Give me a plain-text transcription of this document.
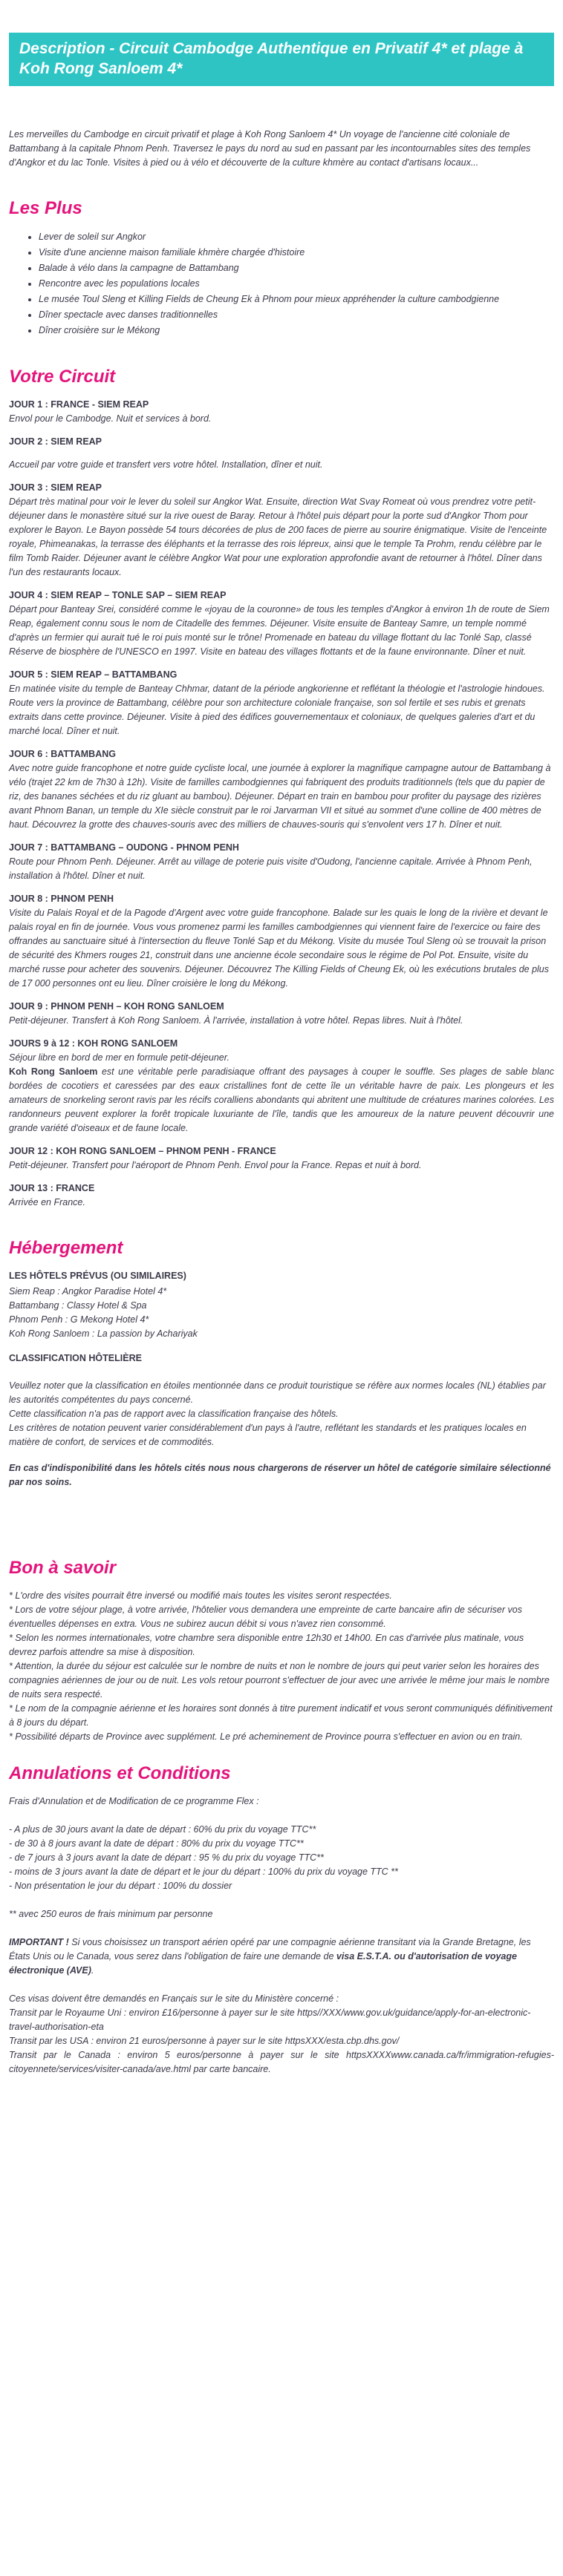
Description - Circuit Cambodge Authentique en Privatif 4* et plage à Koh Rong Sanloem 4*

Les merveilles du Cambodge en circuit privatif et plage à Koh Rong Sanloem 4* Un voyage de l'ancienne cité coloniale de Battambang à la capitale Phnom Penh. Traversez le pays du nord au sud en passant par les incontournables sites des temples d'Angkor et du lac Tonle. Visites à pied ou à vélo et découverte de la culture khmère au contact d'artisans locaux...

Les Plus
• Lever de soleil sur Angkor
• Visite d'une ancienne maison familiale khmère chargée d'histoire
• Balade à vélo dans la campagne de Battambang
• Rencontre avec les populations locales
• Le musée Toul Sleng et Killing Fields de Cheung Ek à Phnom pour mieux appréhender la culture cambodgienne
• Dîner spectacle avec danses traditionnelles
• Dîner croisière sur le Mékong
Votre Circuit
JOUR 1 : FRANCE - SIEM REAP
Envol pour le Cambodge. Nuit et services à bord.
JOUR 2 : SIEM REAP
Accueil par votre guide et transfert vers votre hôtel. Installation, dîner et nuit.
JOUR 3 : SIEM REAP
Départ très matinal pour voir le lever du soleil sur Angkor Wat. Ensuite, direction Wat Svay Romeat où vous prendrez votre petit-déjeuner dans le monastère situé sur la rive ouest de Baray. Retour à l'hôtel puis départ pour la porte sud d'Angkor Thom pour explorer le Bayon. Le Bayon possède 54 tours décorées de plus de 200 faces de pierre au sourire énigmatique. Visite de l'enceinte royale, Phimeanakas, la terrasse des éléphants et la terrasse des rois lépreux, ainsi que le temple Ta Prohm, rendu célèbre par le film Tomb Raider. Déjeuner avant le célèbre Angkor Wat pour une exploration approfondie avant de retourner à l'hôtel. Dîner dans l'un des restaurants locaux.
JOUR 4 : SIEM REAP – TONLE SAP – SIEM REAP
Départ pour Banteay Srei, considéré comme le «joyau de la couronne» de tous les temples d'Angkor à environ 1h de route de Siem Reap, également connu sous le nom de Citadelle des femmes. Déjeuner. Visite ensuite de Banteay Samre, un temple nommé d'après un fermier qui aurait tué le roi puis monté sur le trône! Promenade en bateau du village flottant du lac Tonlé Sap, classé Réserve de biosphère de l'UNESCO en 1997. Visite en bateau des villages flottants et de la faune environnante. Dîner et nuit.
JOUR 5 : SIEM REAP – BATTAMBANG
En matinée visite du temple de Banteay Chhmar, datant de la période angkorienne et reflétant la théologie et l'astrologie hindoues. Route vers la province de Battambang, célèbre pour son architecture coloniale française, son sol fertile et ses rubis et grenats extraits dans cette province. Déjeuner. Visite à pied des édifices gouvernementaux et coloniaux, de quelques galeries d'art et du marché local. Dîner et nuit.
JOUR 6 : BATTAMBANG
Avec notre guide francophone et notre guide cycliste local, une journée à explorer la magnifique campagne autour de Battambang à vélo (trajet 22 km de 7h30 à 12h). Visite de familles cambodgiennes qui fabriquent des produits traditionnels (tels que du papier de riz, des bananes séchées et du riz gluant au bambou). Déjeuner. Départ en train en bambou pour profiter du paysage des rizières avant Phnom Banan, un temple du XIe siècle construit par le roi Jarvarman VII et situé au sommet d'une colline de 400 mètres de haut. Découvrez la grotte des chauves-souris avec des milliers de chauves-souris qui s'envolent vers 17 h. Dîner et nuit.
JOUR 7 : BATTAMBANG – OUDONG - PHNOM PENH
Route pour Phnom Penh. Déjeuner. Arrêt au village de poterie puis visite d'Oudong, l'ancienne capitale. Arrivée à Phnom Penh, installation à l'hôtel. Dîner et nuit.
JOUR 8 : PHNOM PENH
Visite du Palais Royal et de la Pagode d'Argent avec votre guide francophone. Balade sur les quais le long de la rivière et devant le palais royal en fin de journée. Vous vous promenez parmi les familles cambodgiennes qui viennent faire de l'exercice ou faire des offrandes au sanctuaire situé à l'intersection du fleuve Tonlé Sap et du Mékong. Visite du musée Toul Sleng où se trouvait la prison de sécurité des Khmers rouges 21, construit dans une ancienne école secondaire sous le régime de Pol Pot. Ensuite, visite du marché russe pour acheter des souvenirs. Déjeuner. Découvrez The Killing Fields of Cheung Ek, où les exécutions brutales de plus de 17 000 personnes ont eu lieu. Dîner croisière le long du Mékong.
JOUR 9 : PHNOM PENH – KOH RONG SANLOEM
Petit-déjeuner. Transfert à Koh Rong Sanloem. À l'arrivée, installation à votre hôtel. Repas libres. Nuit à l'hôtel.
JOURS 9 à 12 : KOH RONG SANLOEM
Séjour libre en bord de mer en formule petit-déjeuner.
Koh Rong Sanloem est une véritable perle paradisiaque offrant des paysages à couper le souffle. Ses plages de sable blanc bordées de cocotiers et caressées par des eaux cristallines font de cette île un véritable havre de paix. Les plongeurs et les amateurs de snorkeling seront ravis par les récifs coralliens abondants qui abritent une multitude de créatures marines colorées. Les randonneurs peuvent explorer la forêt tropicale luxuriante de l'île, tandis que les amoureux de la nature peuvent découvrir une grande variété d'oiseaux et de faune locale.
JOUR 12 : KOH RONG SANLOEM – PHNOM PENH - FRANCE
Petit-déjeuner. Transfert pour l'aéroport de Phnom Penh. Envol pour la France. Repas et nuit à bord.
JOUR 13 : FRANCE
Arrivée en France.
Hébergement
LES HÔTELS PRÉVUS (OU SIMILAIRES)
Siem Reap : Angkor Paradise Hotel 4*
Battambang : Classy Hotel & Spa
Phnom Penh : G Mekong Hotel 4*
Koh Rong Sanloem : La passion by Achariyak
CLASSIFICATION HÔTELIÈRE
Veuillez noter que la classification en étoiles mentionnée dans ce produit touristique se réfère aux normes locales (NL) établies par les autorités compétentes du pays concerné.
Cette classification n'a pas de rapport avec la classification française des hôtels.
Les critères de notation peuvent varier considérablement d'un pays à l'autre, reflétant les standards et les pratiques locales en matière de confort, de services et de commodités.
En cas d'indisponibilité dans les hôtels cités nous nous chargerons de réserver un hôtel de catégorie similaire sélectionné par nos soins.
Bon à savoir
* L'ordre des visites pourrait être inversé ou modifié mais toutes les visites seront respectées.
* Lors de votre séjour plage, à votre arrivée, l'hôtelier vous demandera une empreinte de carte bancaire afin de sécuriser vos éventuelles dépenses en extra. Vous ne subirez aucun débit si vous n'avez rien consommé.
* Selon les normes internationales, votre chambre sera disponible entre 12h30 et 14h00. En cas d'arrivée plus matinale, vous devrez parfois attendre sa mise à disposition.
* Attention, la durée du séjour est calculée sur le nombre de nuits et non le nombre de jours qui peut varier selon les horaires des compagnies aériennes de jour ou de nuit. Les vols retour pourront s'effectuer de jour avec une arrivée le même jour mais le nombre de nuits sera respecté.
* Le nom de la compagnie aérienne et les horaires sont donnés à titre purement indicatif et vous seront communiqués définitivement à 8 jours du départ.
* Possibilité départs de Province avec supplément. Le pré acheminement de Province pourra s'effectuer en avion ou en train.
Annulations et Conditions
Frais d'Annulation et de Modification de ce programme Flex :
- A plus de 30 jours avant la date de départ : 60% du prix du voyage TTC**
- de 30 à 8 jours avant la date de départ : 80% du prix du voyage TTC**
- de 7 jours à 3 jours avant la date de départ : 95 % du prix du voyage TTC**
- moins de 3 jours avant la date de départ et le jour du départ : 100% du prix du voyage TTC **
- Non présentation le jour du départ : 100% du dossier
** avec 250 euros de frais minimum par personne
IMPORTANT ! Si vous choisissez un transport aérien opéré par une compagnie aérienne transitant via la Grande Bretagne, les États Unis ou le Canada, vous serez dans l'obligation de faire une demande de visa E.S.T.A. ou d'autorisation de voyage électronique (AVE).
Ces visas doivent être demandés en Français sur le site du Ministère concerné :
Transit par le Royaume Uni : environ £16/personne à payer sur le site https//XXX/www.gov.uk/guidance/apply-for-an-electronic-travel-authorisation-eta
Transit par les USA : environ 21 euros/personne à payer sur le site httpsXXX/esta.cbp.dhs.gov/
Transit par le Canada : environ 5 euros/personne à payer sur le site httpsXXXXwww.canada.ca/fr/immigration-refugies-citoyennete/services/visiter-canada/ave.html par carte bancaire.
